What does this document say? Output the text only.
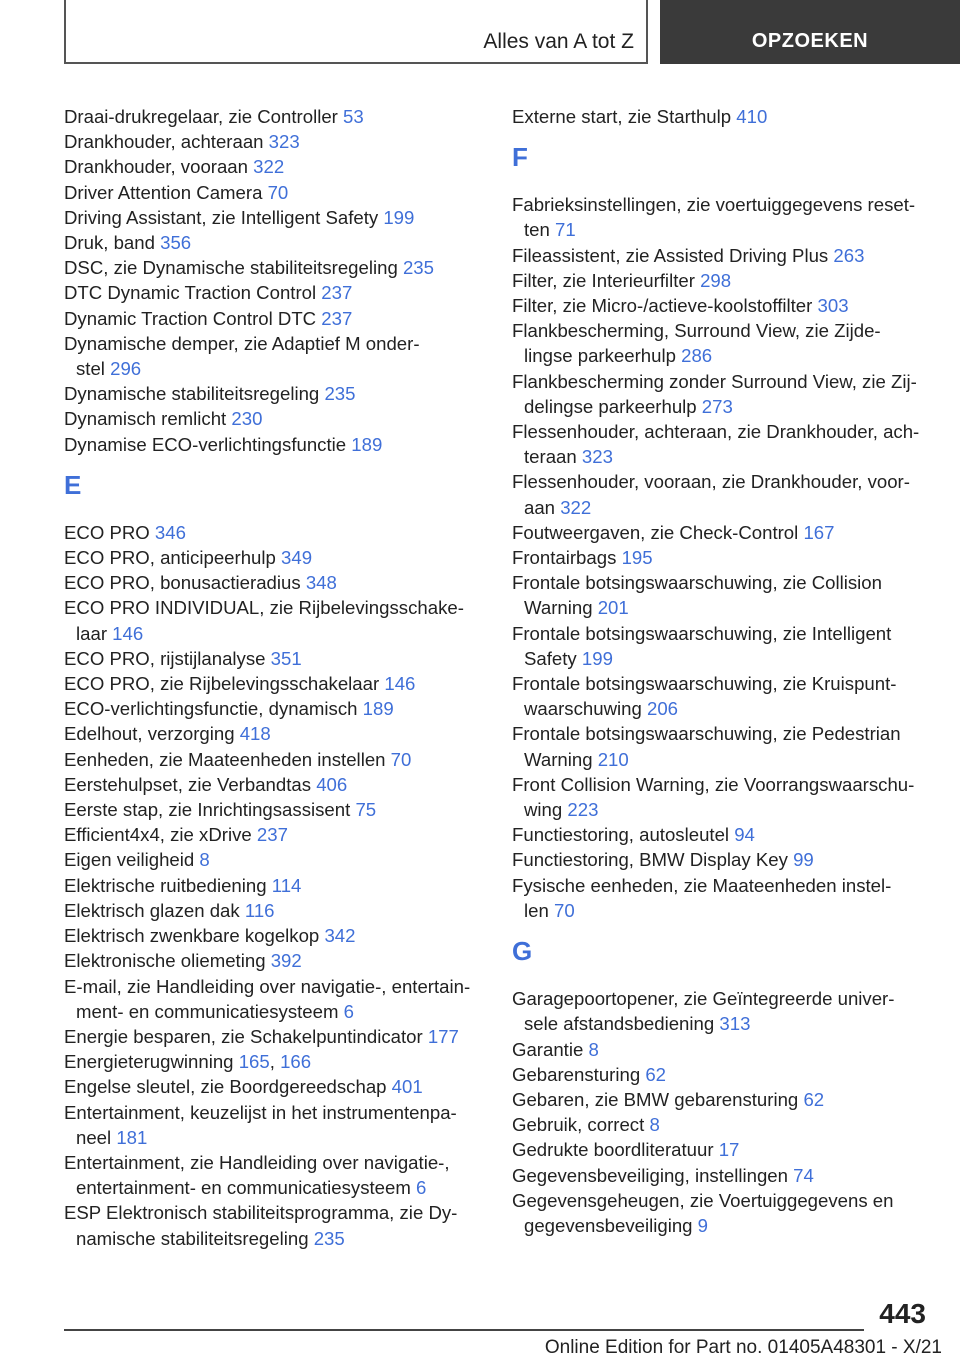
Alles van A tot Z	OPZOEKEN
Draai-drukregelaar, zie Controller 53
Drankhouder, achteraan 323
Drankhouder, vooraan 322
Driver Attention Camera 70
Driving Assistant, zie Intelligent Safety 199
Druk, band 356
DSC, zie Dynamische stabiliteitsregeling 235
DTC Dynamic Traction Control 237
Dynamic Traction Control DTC 237
Dynamische demper, zie Adaptief M onder-
stel 296
Dynamische stabiliteitsregeling 235
Dynamisch remlicht 230
Dynamise ECO-verlichtingsfunctie 189
E
ECO PRO 346
ECO PRO, anticipeerhulp 349
ECO PRO, bonusactieradius 348
ECO PRO INDIVIDUAL, zie Rijbelevingsschake-
laar 146
ECO PRO, rijstijlanalyse 351
ECO PRO, zie Rijbelevingsschakelaar 146
ECO-verlichtingsfunctie, dynamisch 189
Edelhout, verzorging 418
Eenheden, zie Maateenheden instellen 70
Eerstehulpset, zie Verbandtas 406
Eerste stap, zie Inrichtingsassisent 75
Efficient4x4, zie xDrive 237
Eigen veiligheid 8
Elektrische ruitbediening 114
Elektrisch glazen dak 116
Elektrisch zwenkbare kogelkop 342
Elektronische oliemeting 392
E-mail, zie Handleiding over navigatie-, entertain-
ment- en communicatiesysteem 6
Energie besparen, zie Schakelpuntindicator 177
Energieterugwinning 165, 166
Engelse sleutel, zie Boordgereedschap 401
Entertainment, keuzelijst in het instrumentenpa-
neel 181
Entertainment, zie Handleiding over navigatie-,
entertainment- en communicatiesysteem 6
ESP Elektronisch stabiliteitsprogramma, zie Dy-
namische stabiliteitsregeling 235
Externe start, zie Starthulp 410
F
Fabrieksinstellingen, zie voertuiggegevens reset-
ten 71
Fileassistent, zie Assisted Driving Plus 263
Filter, zie Interieurfilter 298
Filter, zie Micro-/actieve-koolstoffilter 303
Flankbescherming, Surround View, zie Zijde-
lingse parkeerhulp 286
Flankbescherming zonder Surround View, zie Zij-
delingse parkeerhulp 273
Flessenhouder, achteraan, zie Drankhouder, ach-
teraan 323
Flessenhouder, vooraan, zie Drankhouder, voor-
aan 322
Foutweergaven, zie Check-Control 167
Frontairbags 195
Frontale botsingswaarschuwing, zie Collision
Warning 201
Frontale botsingswaarschuwing, zie Intelligent
Safety 199
Frontale botsingswaarschuwing, zie Kruispunt-
waarschuwing 206
Frontale botsingswaarschuwing, zie Pedestrian
Warning 210
Front Collision Warning, zie Voorrangswaarschu-
wing 223
Functiestoring, autosleutel 94
Functiestoring, BMW Display Key 99
Fysische eenheden, zie Maateenheden instel-
len 70
G
Garagepoortopener, zie Geïntegreerde univer-
sele afstandsbediening 313
Garantie 8
Gebarensturing 62
Gebaren, zie BMW gebarensturing 62
Gebruik, correct 8
Gedrukte boordliteratuur 17
Gegevensbeveiliging, instellingen 74
Gegevensgeheugen, zie Voertuiggegevens en
gegevensbeveiliging 9
443
Online Edition for Part no. 01405A48301 - X/21
